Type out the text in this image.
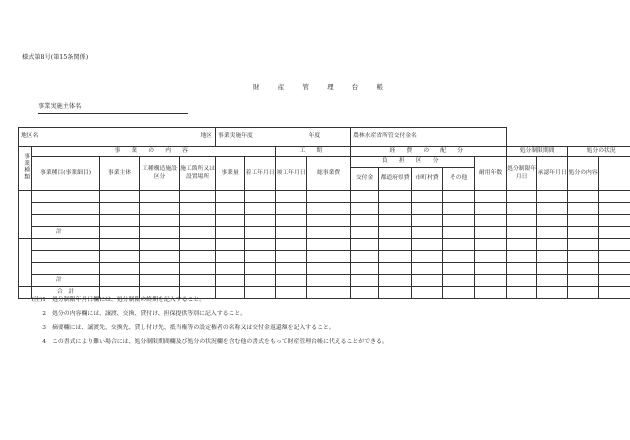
様式第8号(第15条関係)
財	産	管	理	台	帳
事業実施主体名
地区名		地区			事業実施年度			年度	農林水産省所管交付金名									
事業種類	事 業 の 内 容						工 期		経 費 の 配 分					処分制限期間		処分の状況	
	事業種目(事業細目)	事業主体	工種構造施設区分	施工箇所又は設置場所	事業量	着工年月日	竣工年月日	総事業費	負 担 区 分				耐用年数	処分制限年月日	承認年月日	処分の内容		
									交付金	都道府県費	市町村費	その他						

	計																	

	計																	
	合　計																	
(注)1	処分制限年月日欄には、処分制限の終期を記入すること。
2	処分の内容欄には、譲渡、交換、貸付け、担保提供等別に記入すること。
3	摘要欄には、譲渡先、交換先、貸し付け先、抵当権等の設定権者の名称又は交付金返還額を記入すること。
4	この書式により難い場合には、処分制限期間欄及び処分の状況欄を含む他の書式をもって財産管理台帳に代えることができる。
